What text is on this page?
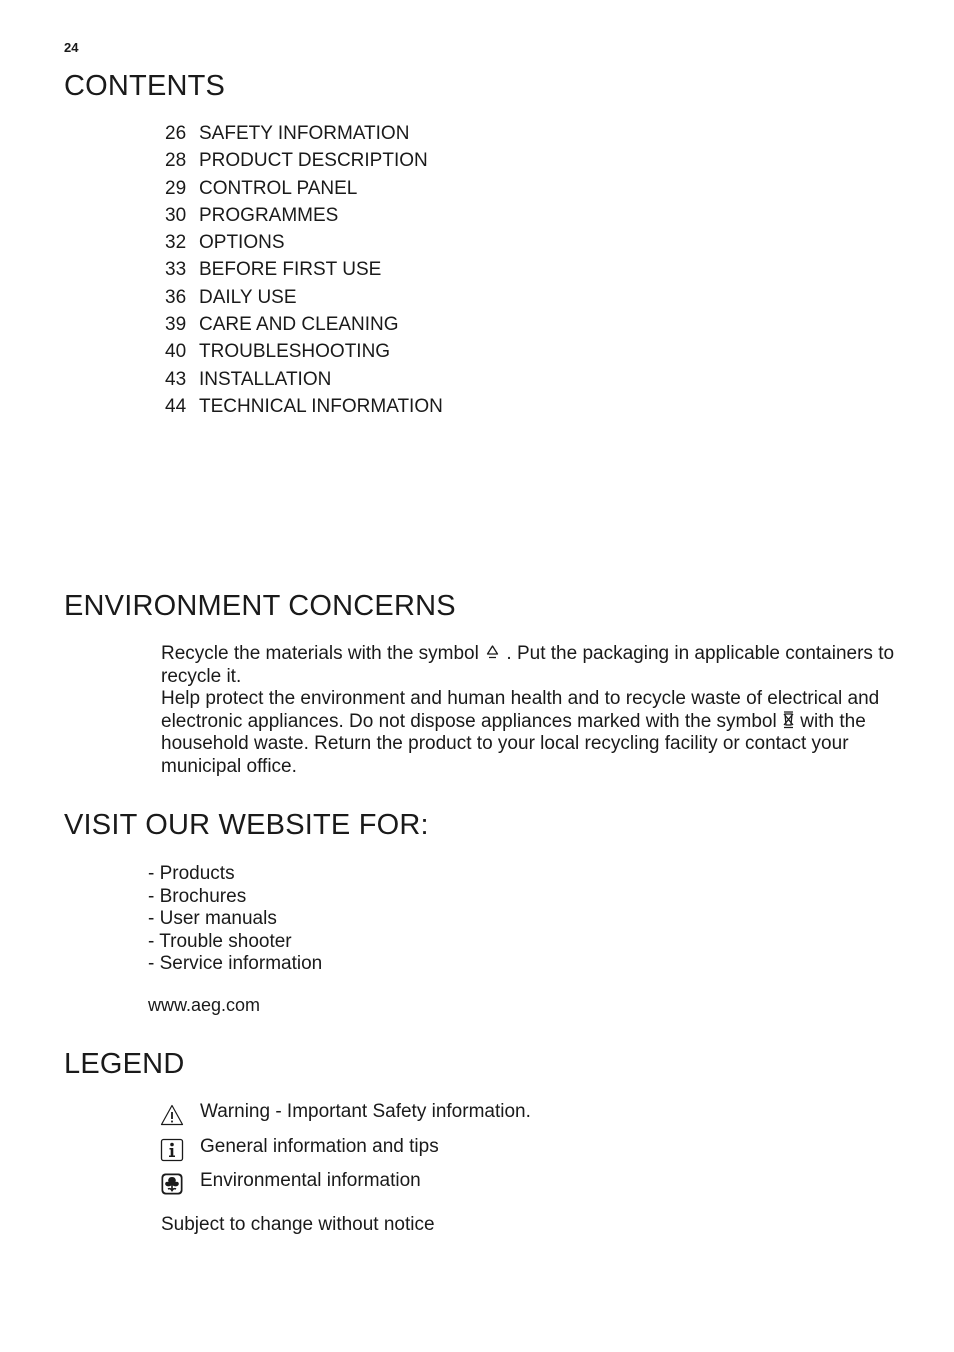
24
CONTENTS
26 SAFETY INFORMATION
28 PRODUCT DESCRIPTION
29 CONTROL PANEL
30 PROGRAMMES
32 OPTIONS
33 BEFORE FIRST USE
36 DAILY USE
39 CARE AND CLEANING
40 TROUBLESHOOTING
43 INSTALLATION
44 TECHNICAL INFORMATION
ENVIRONMENT CONCERNS

Recycle the materials with the symbol . Put the packaging in applicable containers to recycle it.

Help protect the environment and human health and to recycle waste of electrical and electronic appliances. Do not dispose appliances marked with the symbol with the household waste. Return the product to your local recycling facility or contact your municipal office.

VISIT OUR WEBSITE FOR:
- Products
- Brochures
- User manuals
- Trouble shooter
- Service information
www.aeg.com
LEGEND
Warning - Important Safety information.
General information and tips
Environmental information
Subject to change without notice
